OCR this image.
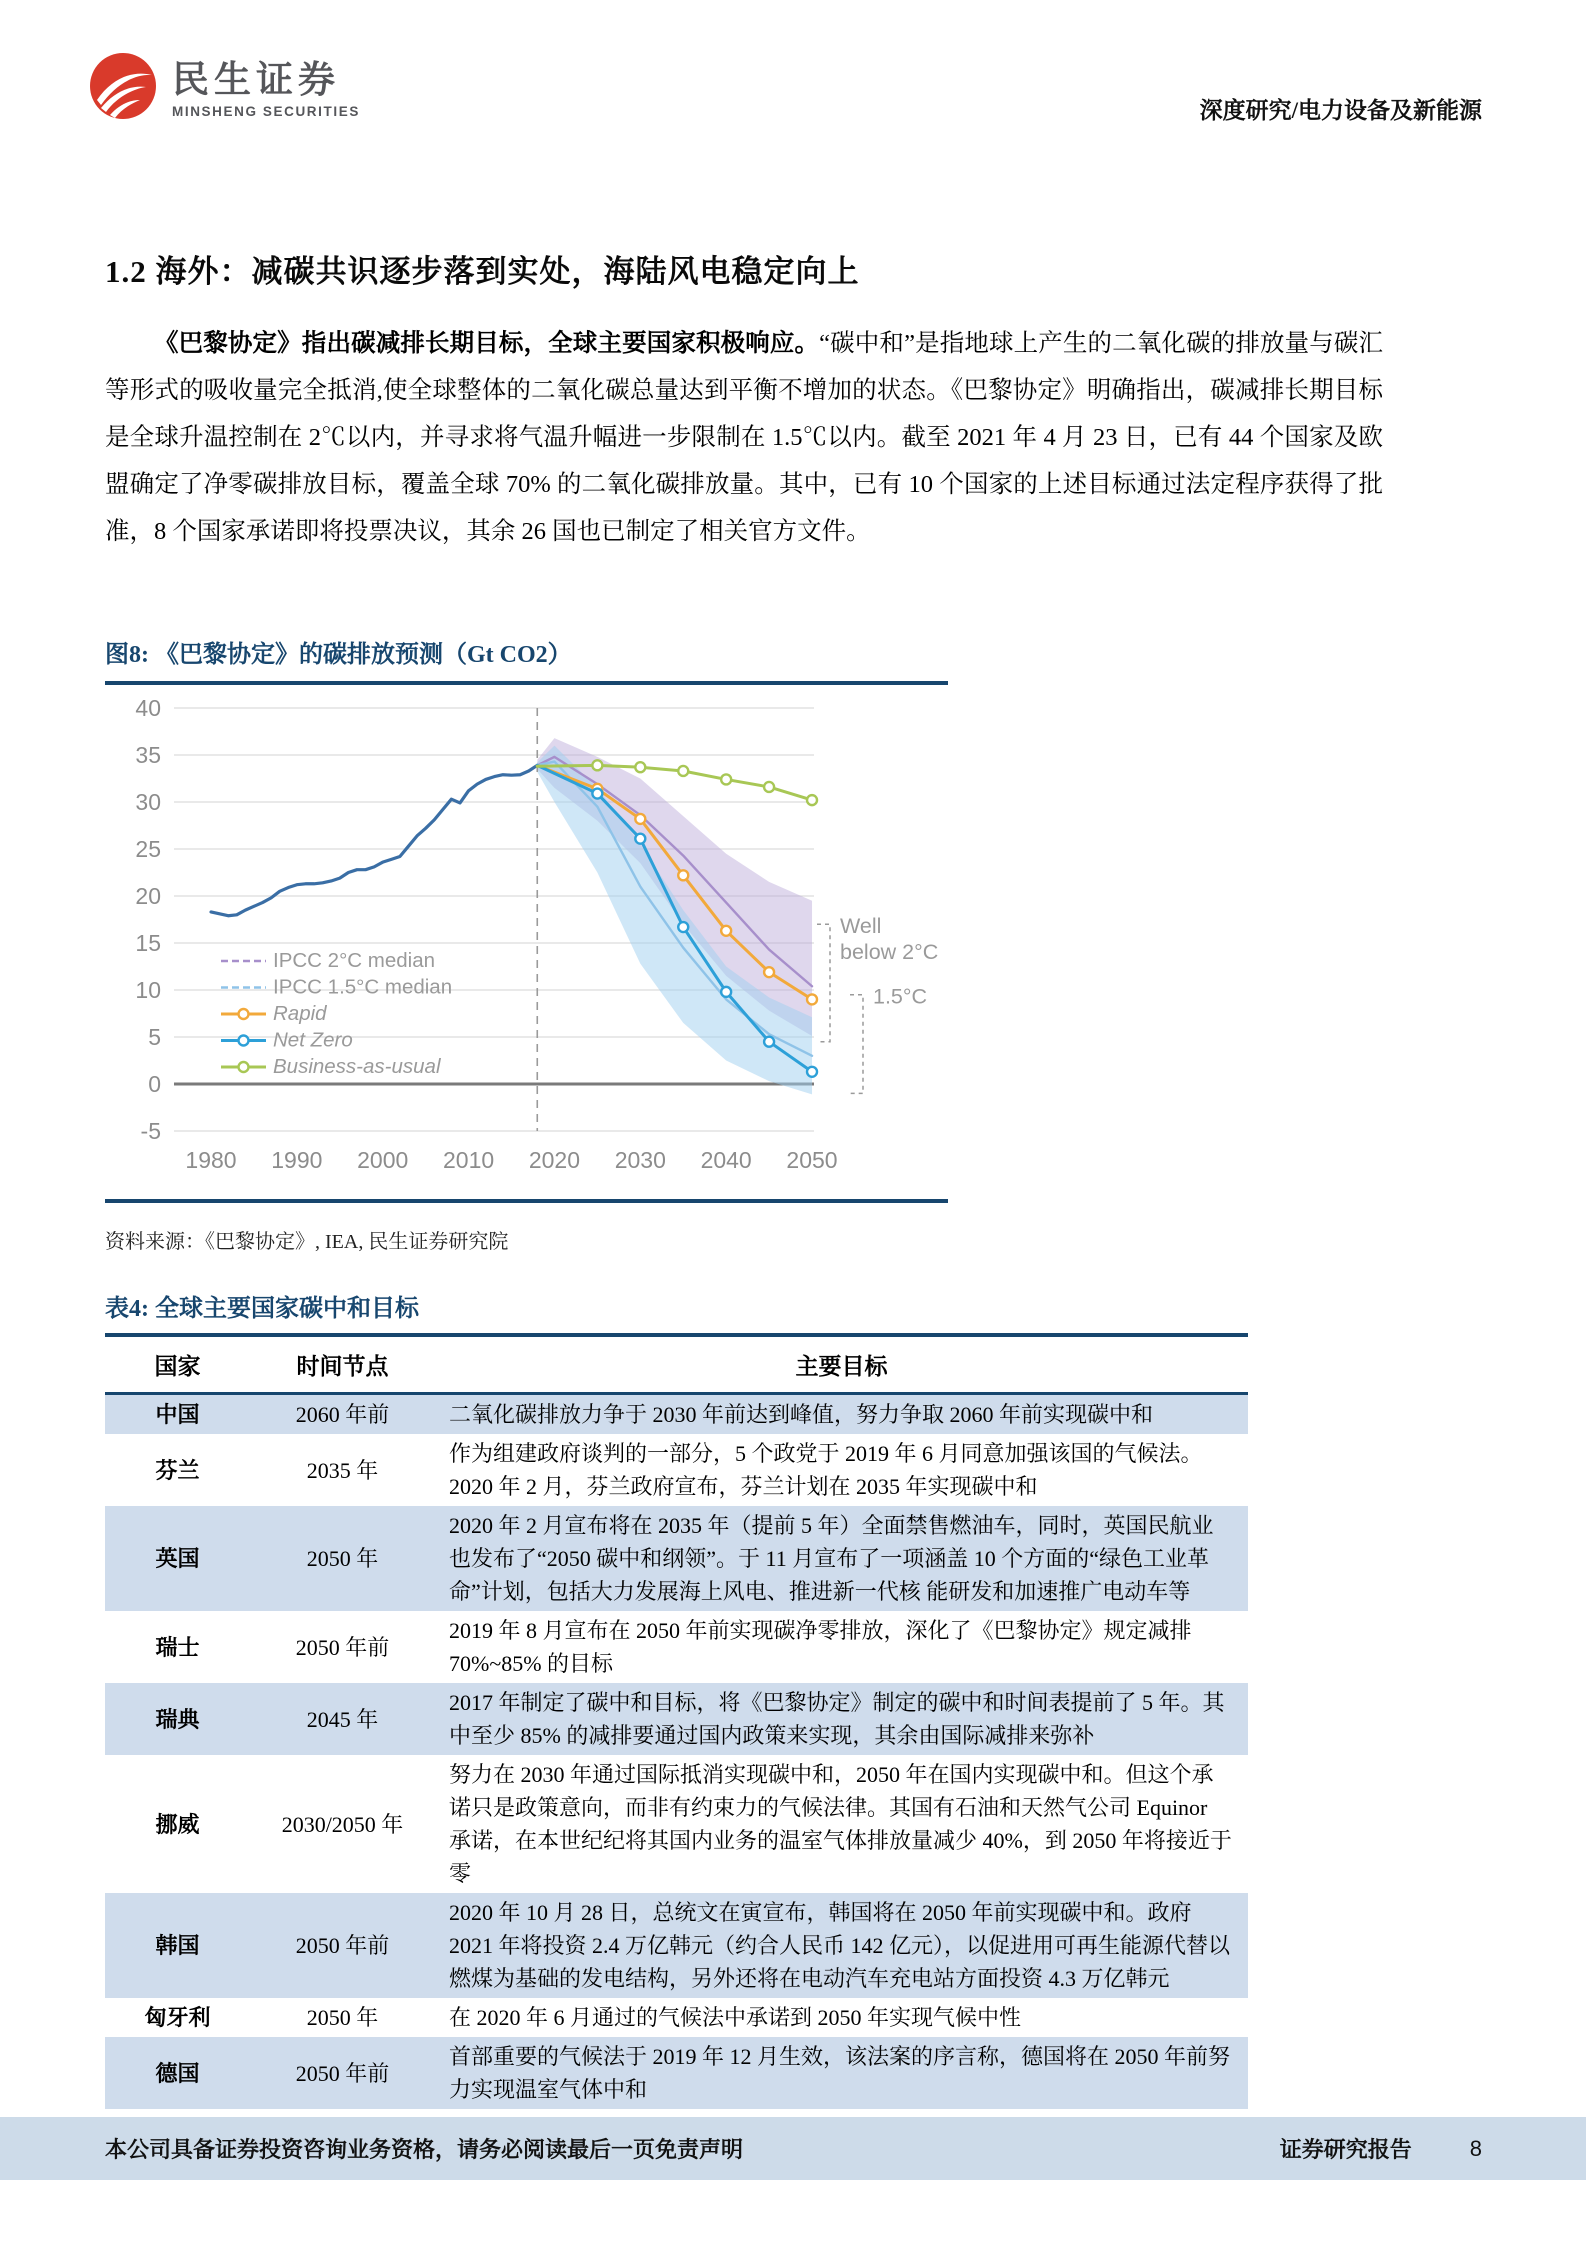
民生证券
MINSHENG SECURITIES	深度研究/电力设备及新能源
1.2 海外：减碳共识逐步落到实处，海陆风电稳定向上
《巴黎协定》指出碳减排长期目标，全球主要国家积极响应。“碳中和”是指地球上产生的二氧化碳的排放量与碳汇等形式的吸收量完全抵消,使全球整体的二氧化碳总量达到平衡不增加的状态。《巴黎协定》明确指出，碳减排长期目标是全球升温控制在 2℃以内，并寻求将气温升幅进一步限制在 1.5℃以内。截至 2021 年 4 月 23 日，已有 44 个国家及欧盟确定了净零碳排放目标，覆盖全球 70% 的二氧化碳排放量。其中，已有 10 个国家的上述目标通过法定程序获得了批准，8 个国家承诺即将投票决议，其余 26 国也已制定了相关官方文件。
图8: 《巴黎协定》的碳排放预测（Gt CO2）
-5
0
5
10
15
20
25
30
35
40
1980 1990 2000 2010 2020 2030 2040 2050
IPCC 2°C median
IPCC 1.5°C median
Rapid
Net Zero
Business-as-usual
Well
below 2°C
1.5°C
资料来源：《巴黎协定》, IEA, 民生证券研究院
表4: 全球主要国家碳中和目标
国家	时间节点	主要目标
中国	2060 年前	二氧化碳排放力争于 2030 年前达到峰值，努力争取 2060 年前实现碳中和
芬兰	2035 年	作为组建政府谈判的一部分，5 个政党于 2019 年 6 月同意加强该国的气候法。2020 年 2 月，芬兰政府宣布，芬兰计划在 2035 年实现碳中和
英国	2050 年	2020 年 2 月宣布将在 2035 年（提前 5 年）全面禁售燃油车，同时，英国民航业也发布了“2050 碳中和纲领”。于 11 月宣布了一项涵盖 10 个方面的“绿色工业革命”计划，包括大力发展海上风电、推进新一代核 能研发和加速推广电动车等
瑞士	2050 年前	2019 年 8 月宣布在 2050 年前实现碳净零排放，深化了《巴黎协定》规定减排 70%~85% 的目标
瑞典	2045 年	2017 年制定了碳中和目标，将《巴黎协定》制定的碳中和时间表提前了 5 年。其中至少 85% 的减排要通过国内政策来实现，其余由国际减排来弥补
挪威	2030/2050 年	努力在 2030 年通过国际抵消实现碳中和，2050 年在国内实现碳中和。但这个承诺只是政策意向，而非有约束力的气候法律。其国有石油和天然气公司 Equinor 承诺，在本世纪纪将其国内业务的温室气体排放量减少 40%，到 2050 年将接近于零
韩国	2050 年前	2020 年 10 月 28 日，总统文在寅宣布，韩国将在 2050 年前实现碳中和。政府 2021 年将投资 2.4 万亿韩元（约合人民币 142 亿元），以促进用可再生能源代替以燃煤为基础的发电结构，另外还将在电动汽车充电站方面投资 4.3 万亿韩元
匈牙利	2050 年	在 2020 年 6 月通过的气候法中承诺到 2050 年实现气候中性
德国	2050 年前	首部重要的气候法于 2019 年 12 月生效，该法案的序言称，德国将在 2050 年前努力实现温室气体中和
本公司具备证券投资咨询业务资格，请务必阅读最后一页免责声明	证券研究报告	8
